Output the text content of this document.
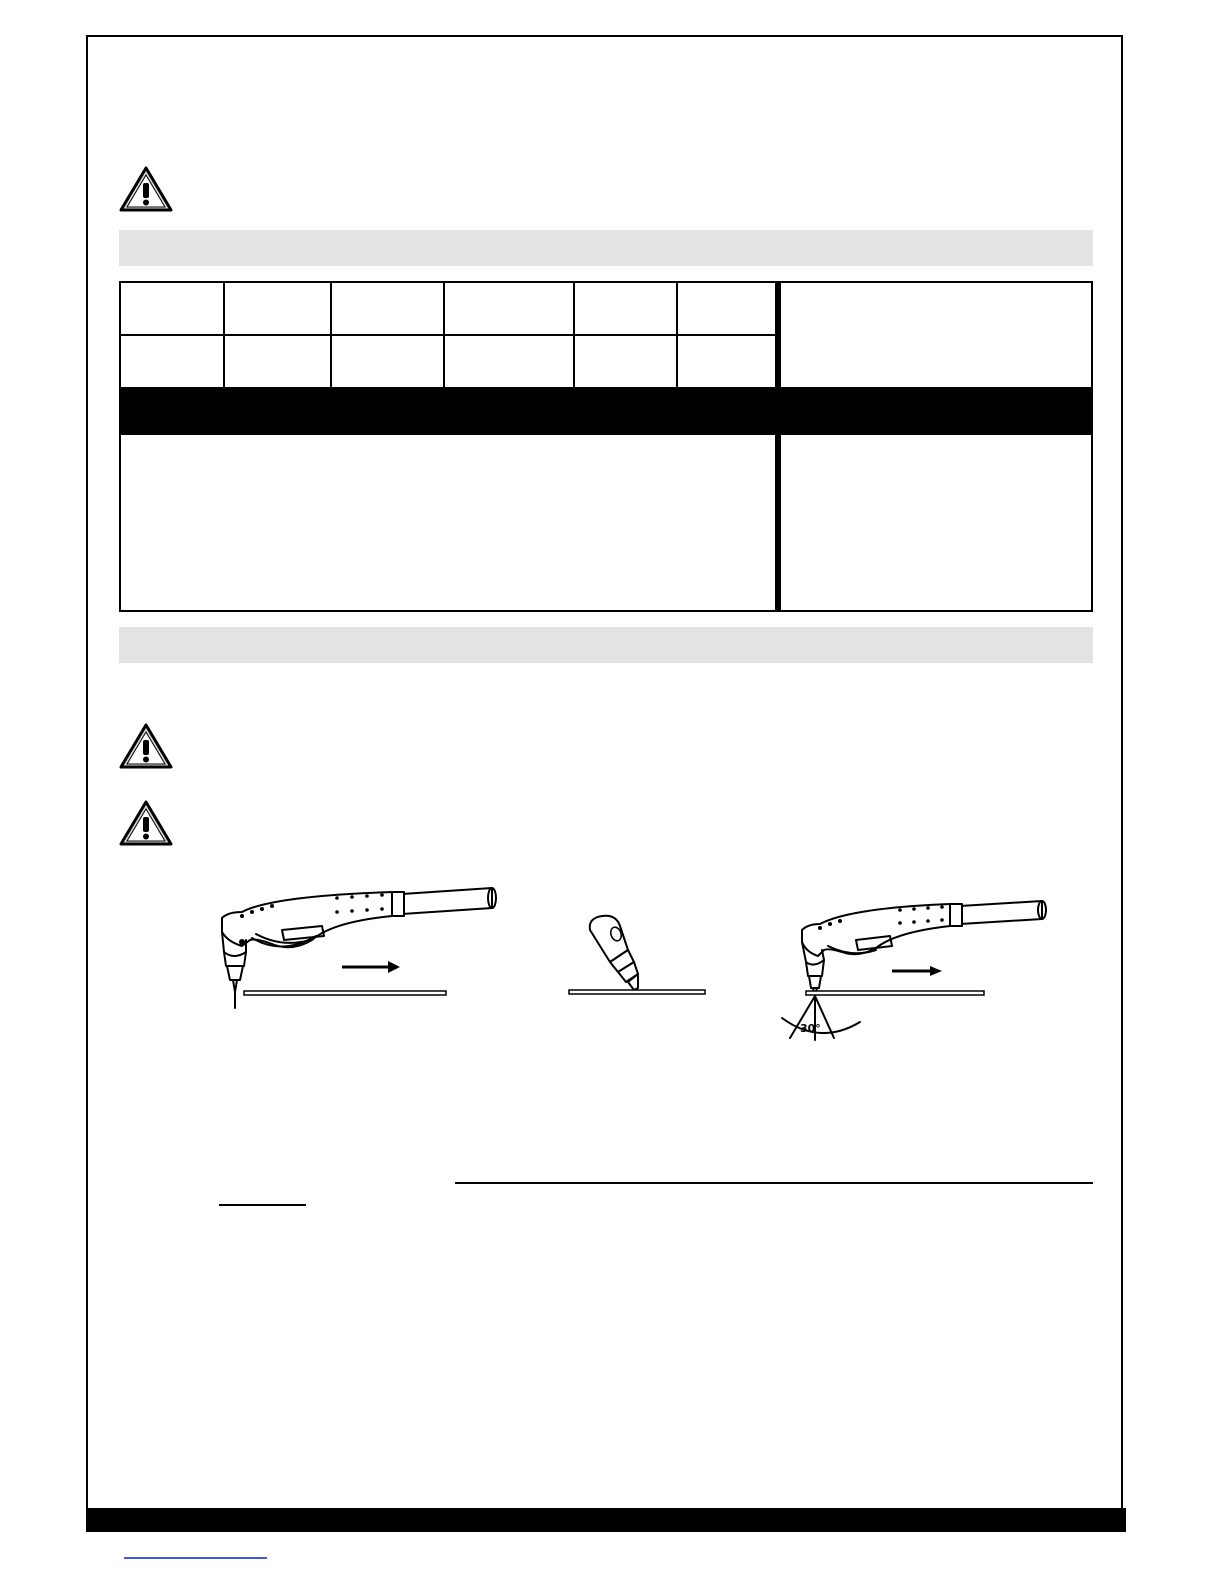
30°
